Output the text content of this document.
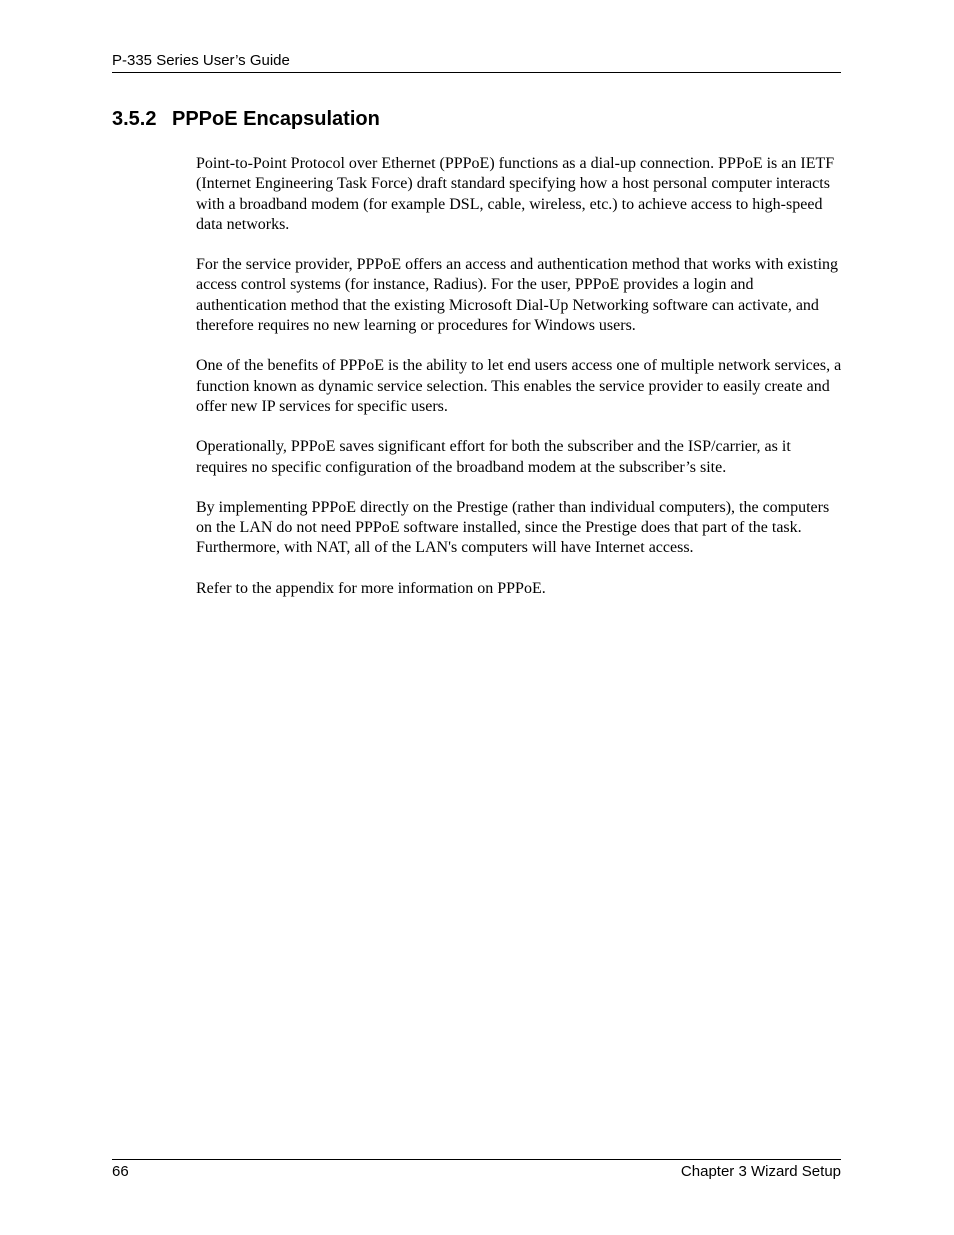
P-335 Series User’s Guide
3.5.2 PPPoE Encapsulation

Point-to-Point Protocol over Ethernet (PPPoE) functions as a dial-up connection. PPPoE is an IETF (Internet Engineering Task Force) draft standard specifying how a host personal computer interacts with a broadband modem (for example DSL, cable, wireless, etc.) to achieve access to high-speed data networks.

For the service provider, PPPoE offers an access and authentication method that works with existing access control systems (for instance, Radius). For the user, PPPoE provides a login and authentication method that the existing Microsoft Dial-Up Networking software can activate, and therefore requires no new learning or procedures for Windows users.

One of the benefits of PPPoE is the ability to let end users access one of multiple network services, a function known as dynamic service selection. This enables the service provider to easily create and offer new IP services for specific users.

Operationally, PPPoE saves significant effort for both the subscriber and the ISP/carrier, as it requires no specific configuration of the broadband modem at the subscriber’s site.

By implementing PPPoE directly on the Prestige (rather than individual computers), the computers on the LAN do not need PPPoE software installed, since the Prestige does that part of the task. Furthermore, with NAT, all of the LAN's computers will have Internet access.

Refer to the appendix for more information on PPPoE.

66	Chapter 3 Wizard Setup
